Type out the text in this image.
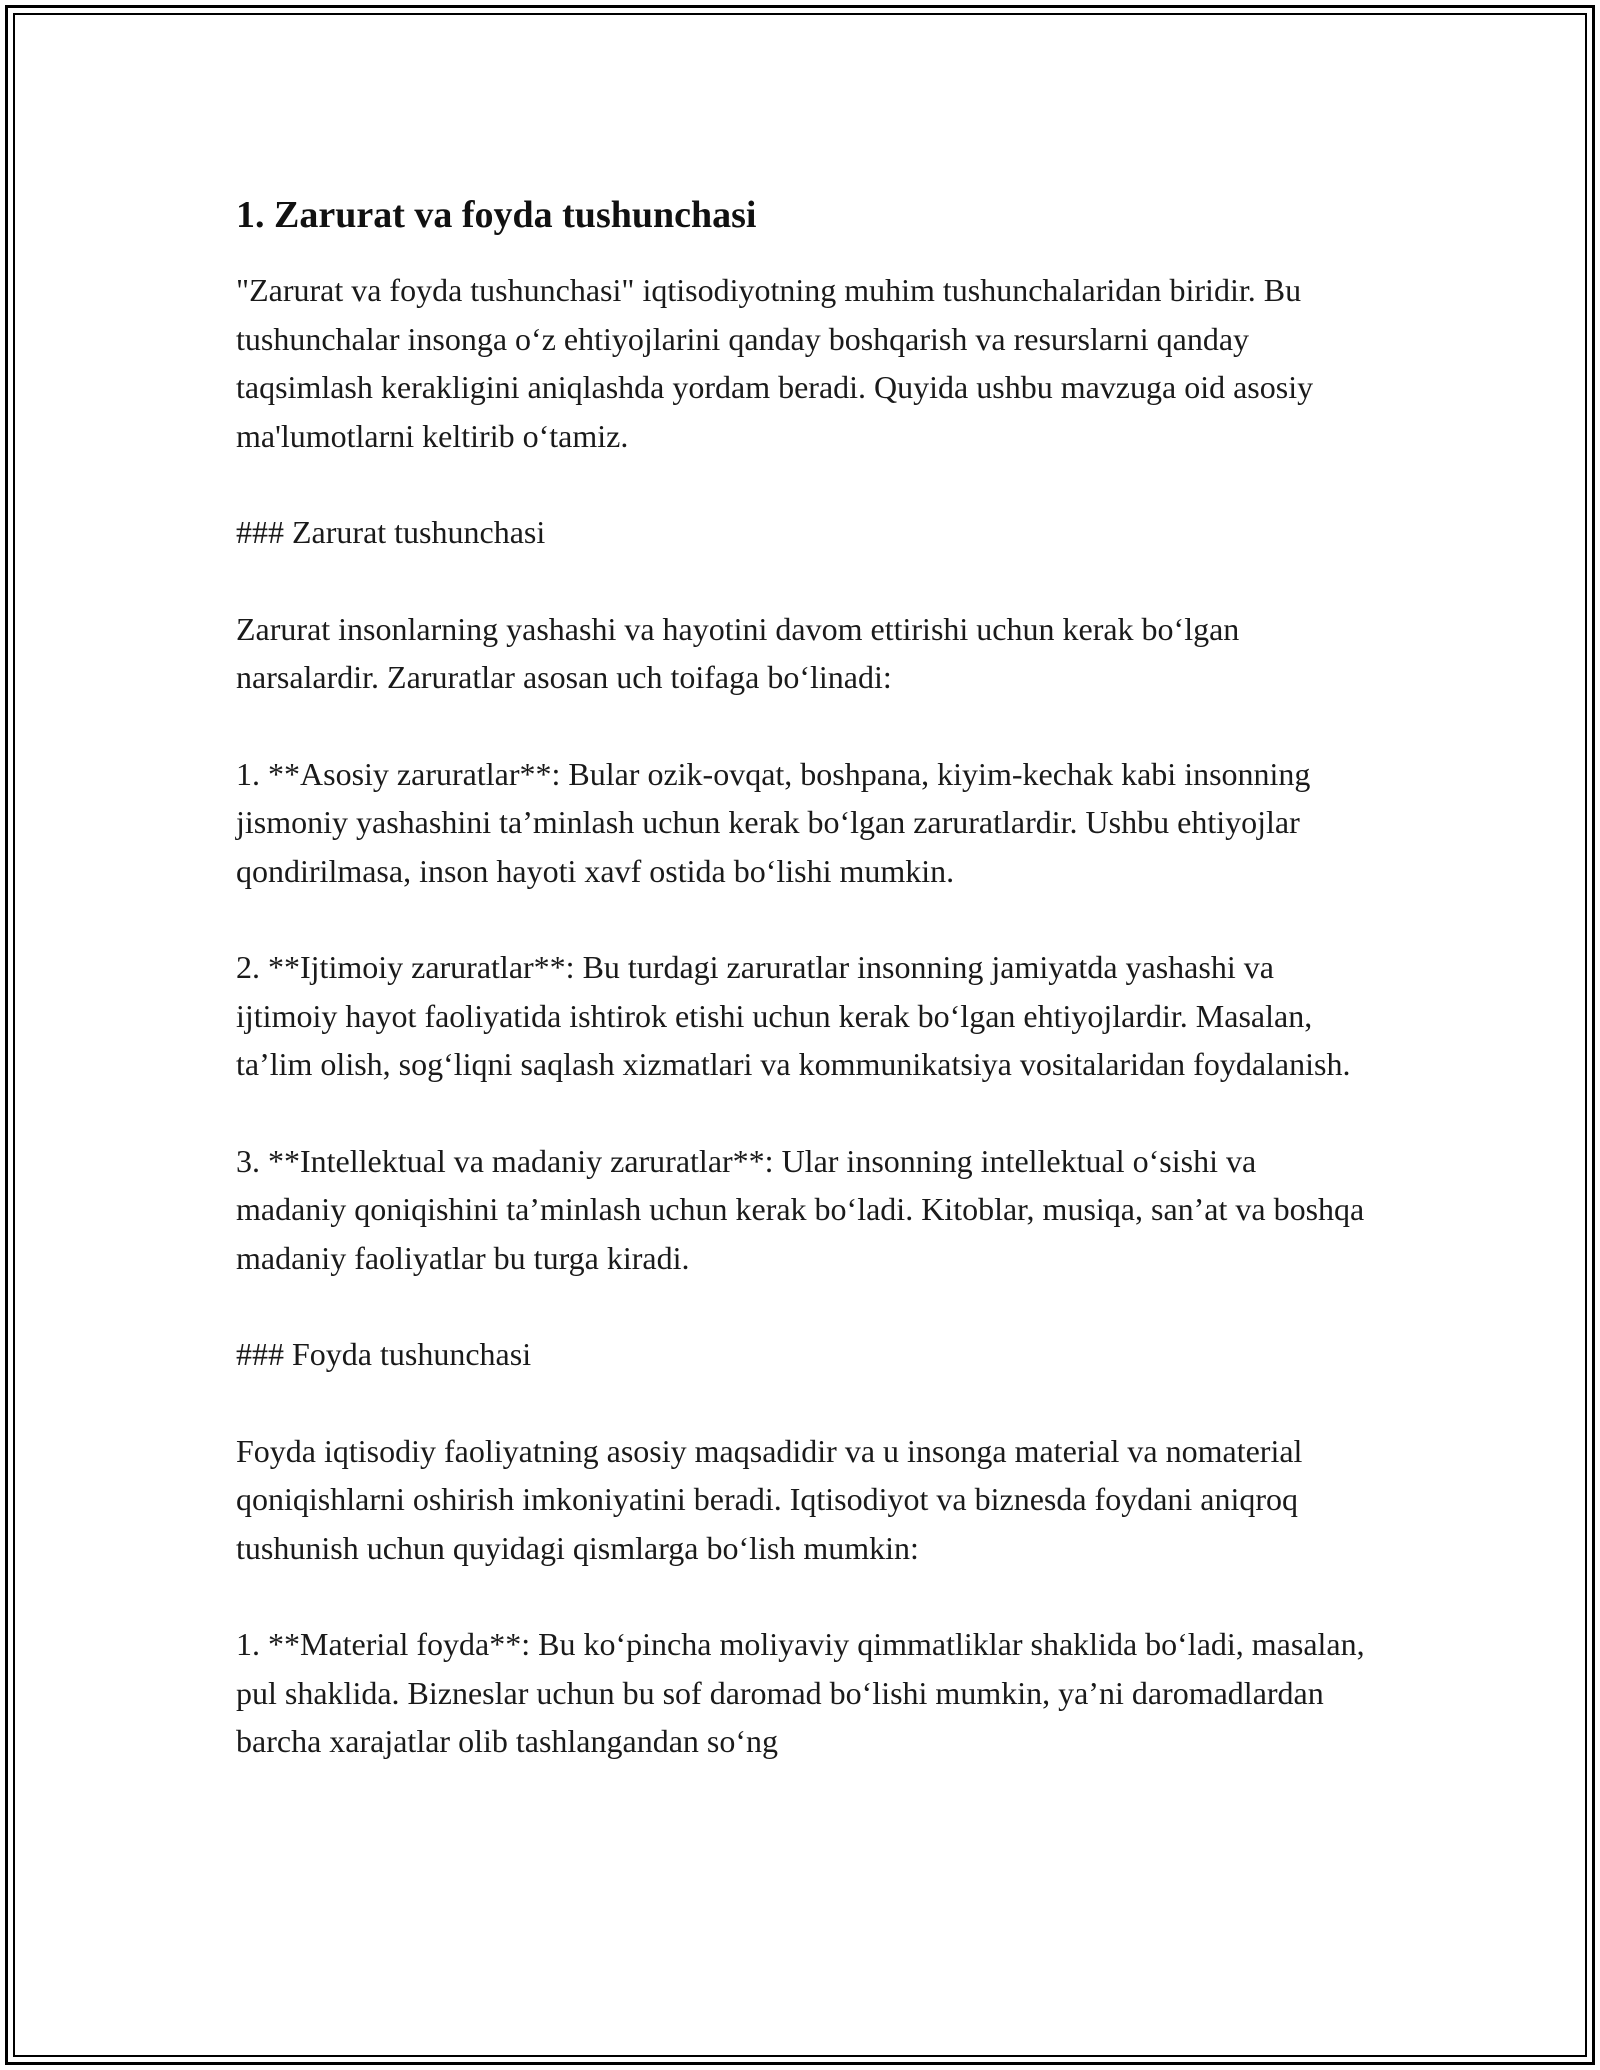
1. Zarurat va foyda tushunchasi

"Zarurat va foyda tushunchasi" iqtisodiyotning muhim tushunchalaridan biridir. Bu tushunchalar insonga o‘z ehtiyojlarini qanday boshqarish va resurslarni qanday taqsimlash kerakligini aniqlashda yordam beradi. Quyida ushbu mavzuga oid asosiy ma'lumotlarni keltirib o‘tamiz.

### Zarurat tushunchasi

Zarurat insonlarning yashashi va hayotini davom ettirishi uchun kerak bo‘lgan narsalardir. Zaruratlar asosan uch toifaga bo‘linadi:

1. **Asosiy zaruratlar**: Bular ozik-ovqat, boshpana, kiyim-kechak kabi insonning jismoniy yashashini ta’minlash uchun kerak bo‘lgan zaruratlardir. Ushbu ehtiyojlar qondirilmasa, inson hayoti xavf ostida bo‘lishi mumkin.

2. **Ijtimoiy zaruratlar**: Bu turdagi zaruratlar insonning jamiyatda yashashi va ijtimoiy hayot faoliyatida ishtirok etishi uchun kerak bo‘lgan ehtiyojlardir. Masalan, ta’lim olish, sog‘liqni saqlash xizmatlari va kommunikatsiya vositalaridan foydalanish.

3. **Intellektual va madaniy zaruratlar**: Ular insonning intellektual o‘sishi va madaniy qoniqishini ta’minlash uchun kerak bo‘ladi. Kitoblar, musiqa, san’at va boshqa madaniy faoliyatlar bu turga kiradi.

### Foyda tushunchasi

Foyda iqtisodiy faoliyatning asosiy maqsadidir va u insonga material va nomaterial qoniqishlarni oshirish imkoniyatini beradi. Iqtisodiyot va biznesda foydani aniqroq tushunish uchun quyidagi qismlarga bo‘lish mumkin:

1. **Material foyda**: Bu ko‘pincha moliyaviy qimmatliklar shaklida bo‘ladi, masalan, pul shaklida. Bizneslar uchun bu sof daromad bo‘lishi mumkin, ya’ni daromadlardan barcha xarajatlar olib tashlangandan so‘ng
